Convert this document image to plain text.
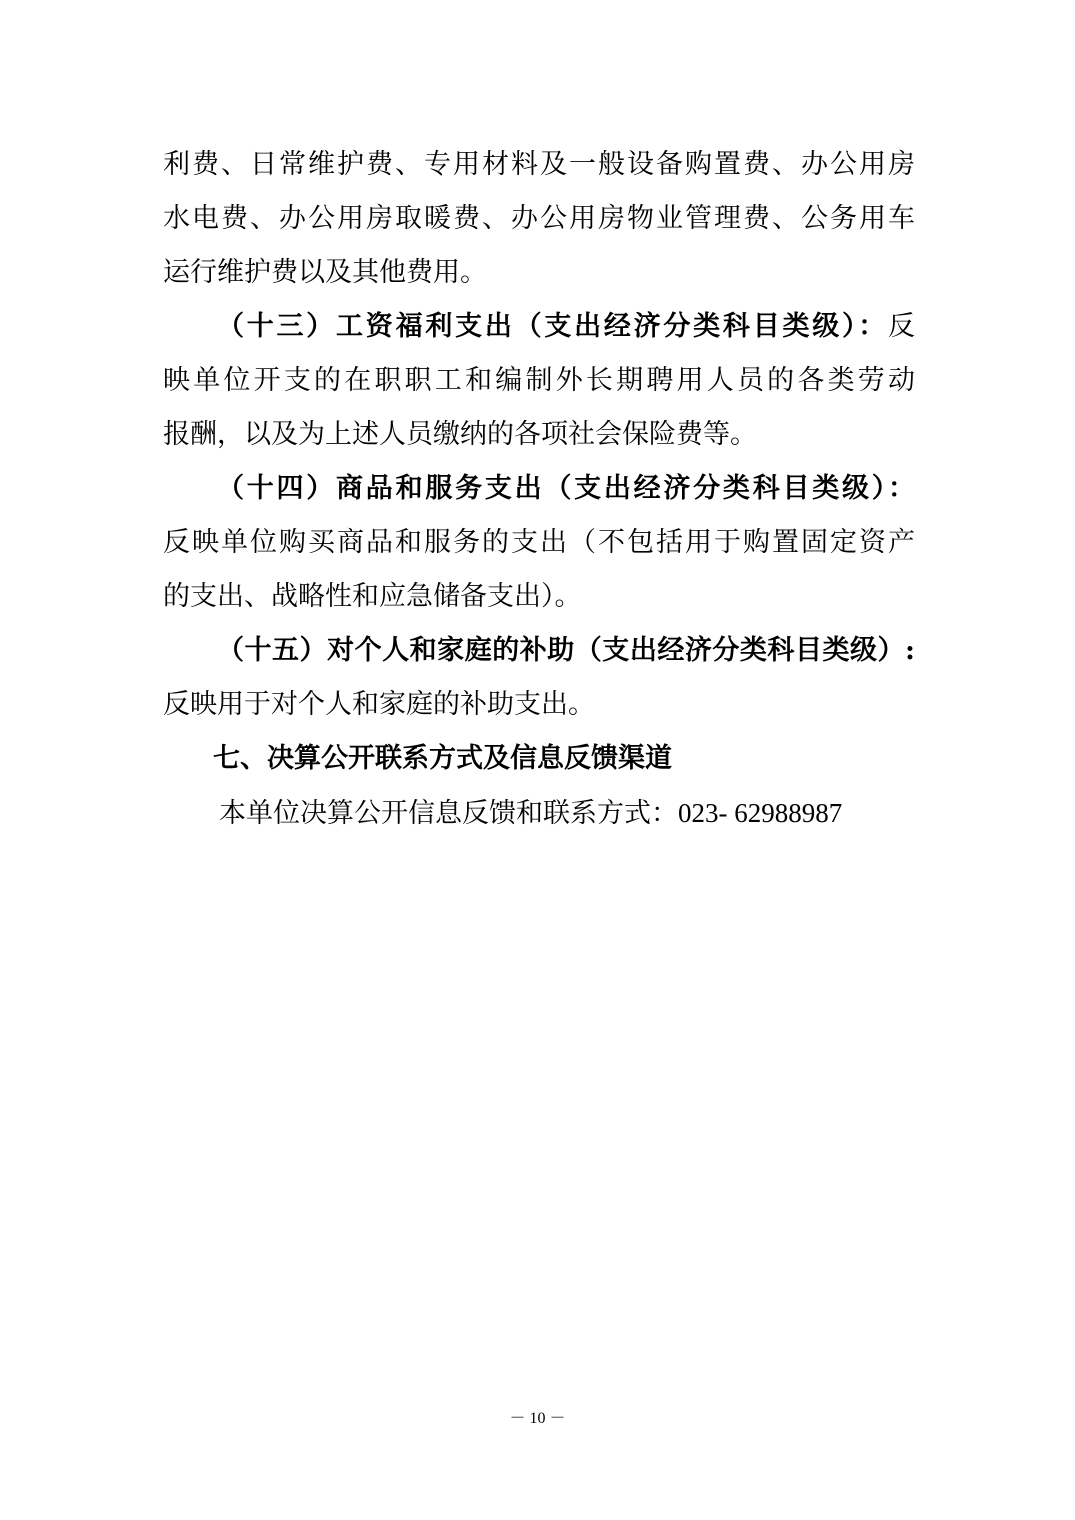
利费、日常维护费、专用材料及一般设备购置费、办公用房
水电费、办公用房取暖费、办公用房物业管理费、公务用车
运行维护费以及其他费用。
（十三）工资福利支出（支出经济分类科目类级）：反
映单位开支的在职职工和编制外长期聘用人员的各类劳动
报酬，以及为上述人员缴纳的各项社会保险费等。
（十四）商品和服务支出（支出经济分类科目类级）：
反映单位购买商品和服务的支出（不包括用于购置固定资产
的支出、战略性和应急储备支出）。
（十五）对个人和家庭的补助（支出经济分类科目类级）:
反映用于对个人和家庭的补助支出。
七、决算公开联系方式及信息反馈渠道
本单位决算公开信息反馈和联系方式：023- 62988987
－ 10 －
